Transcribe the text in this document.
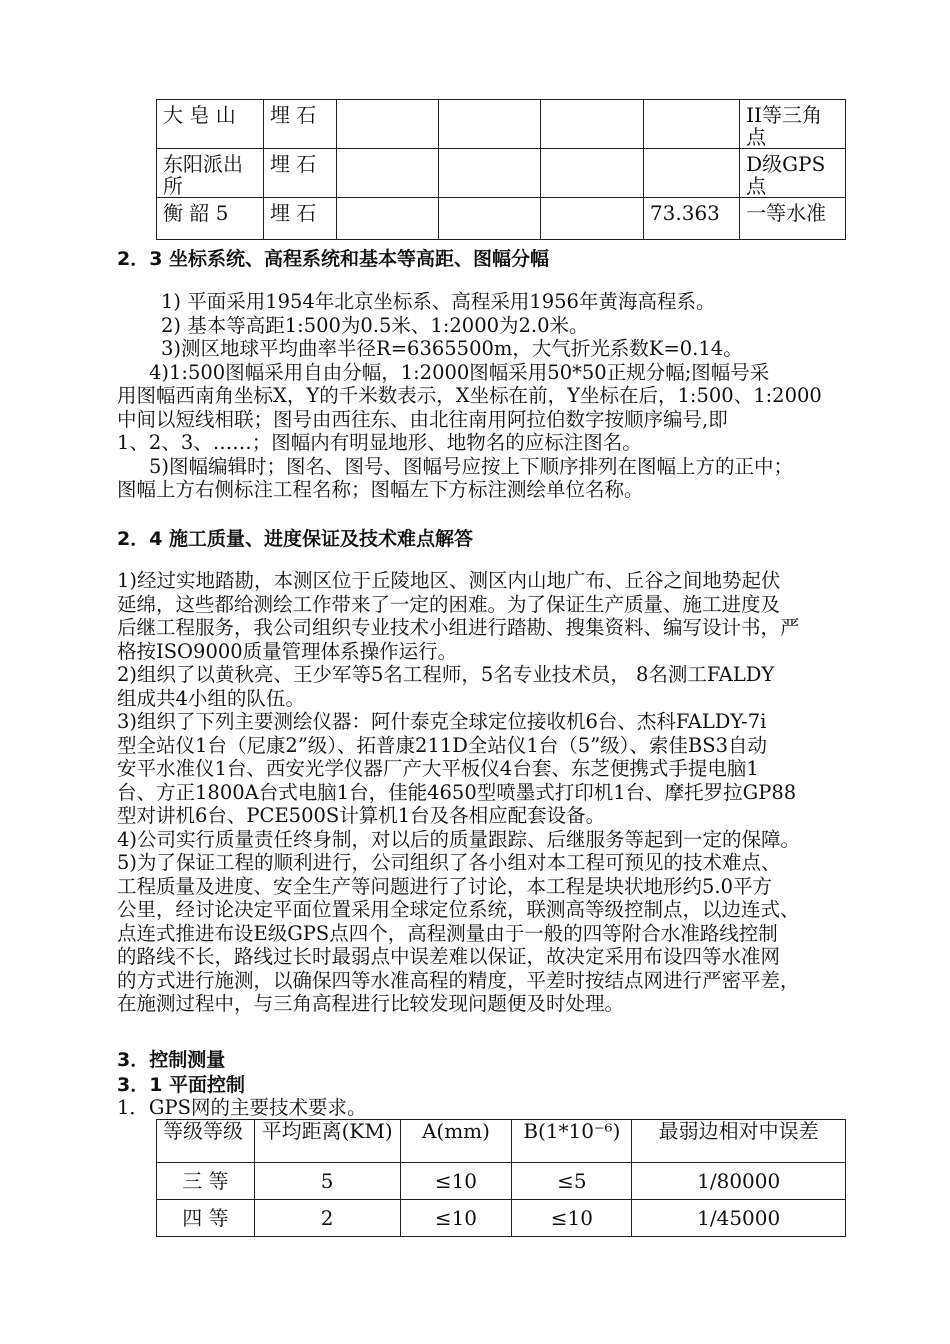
大 皂 山	埋 石					II等三角点
东阳派出所	埋 石					D级GPS点
衡 韶 5	埋 石				73.363	一等水准
2．3 坐标系统、高程系统和基本等高距、图幅分幅
1) 平面采用1954年北京坐标系、高程采用1956年黄海高程系。
2) 基本等高距1:500为0.5米、1:2000为2.0米。
3)测区地球平均曲率半径R=6365500m，大气折光系数K=0.14。
4)1:500图幅采用自由分幅，1:2000图幅采用50*50正规分幅;图幅号采
用图幅西南角坐标X，Y的千米数表示，X坐标在前，Y坐标在后，1:500、1:2000
中间以短线相联；图号由西往东、由北往南用阿拉伯数字按顺序编号,即
1、2、3、……；图幅内有明显地形、地物名的应标注图名。
5)图幅编辑时；图名、图号、图幅号应按上下顺序排列在图幅上方的正中；
图幅上方右侧标注工程名称；图幅左下方标注测绘单位名称。
2．4 施工质量、进度保证及技术难点解答
1)经过实地踏勘，本测区位于丘陵地区、测区内山地广布、丘谷之间地势起伏
延绵，这些都给测绘工作带来了一定的困难。为了保证生产质量、施工进度及
后继工程服务，我公司组织专业技术小组进行踏勘、搜集资料、编写设计书，严
格按ISO9000质量管理体系操作运行。
2)组织了以黄秋亮、王少军等5名工程师，5名专业技术员， 8名测工FALDY
组成共4小组的队伍。
3)组织了下列主要测绘仪器：阿什泰克全球定位接收机6台、杰科FALDY-7i
型全站仪1台（尼康2”级）、拓普康211D全站仪1台（5”级）、索佳BS3自动
安平水准仪1台、西安光学仪器厂产大平板仪4台套、东芝便携式手提电脑1
台、方正1800A台式电脑1台，佳能4650型喷墨式打印机1台、摩托罗拉GP88
型对讲机6台、PCE500S计算机1台及各相应配套设备。
4)公司实行质量责任终身制，对以后的质量跟踪、后继服务等起到一定的保障。
5)为了保证工程的顺利进行，公司组织了各小组对本工程可预见的技术难点、
工程质量及进度、安全生产等问题进行了讨论，本工程是块状地形约5.0平方
公里，经讨论决定平面位置采用全球定位系统，联测高等级控制点，以边连式、
点连式推进布设E级GPS点四个，高程测量由于一般的四等附合水准路线控制
的路线不长，路线过长时最弱点中误差难以保证，故决定采用布设四等水准网
的方式进行施测，以确保四等水准高程的精度，平差时按结点网进行严密平差，
在施测过程中，与三角高程进行比较发现问题便及时处理。
3．控制测量
3．1 平面控制
1．GPS网的主要技术要求。
等级等级	平均距离(KM)	A(mm)	B(1*10⁻⁶)	最弱边相对中误差
三 等	5	≤10	≤5	1/80000
四 等	2	≤10	≤10	1/45000
